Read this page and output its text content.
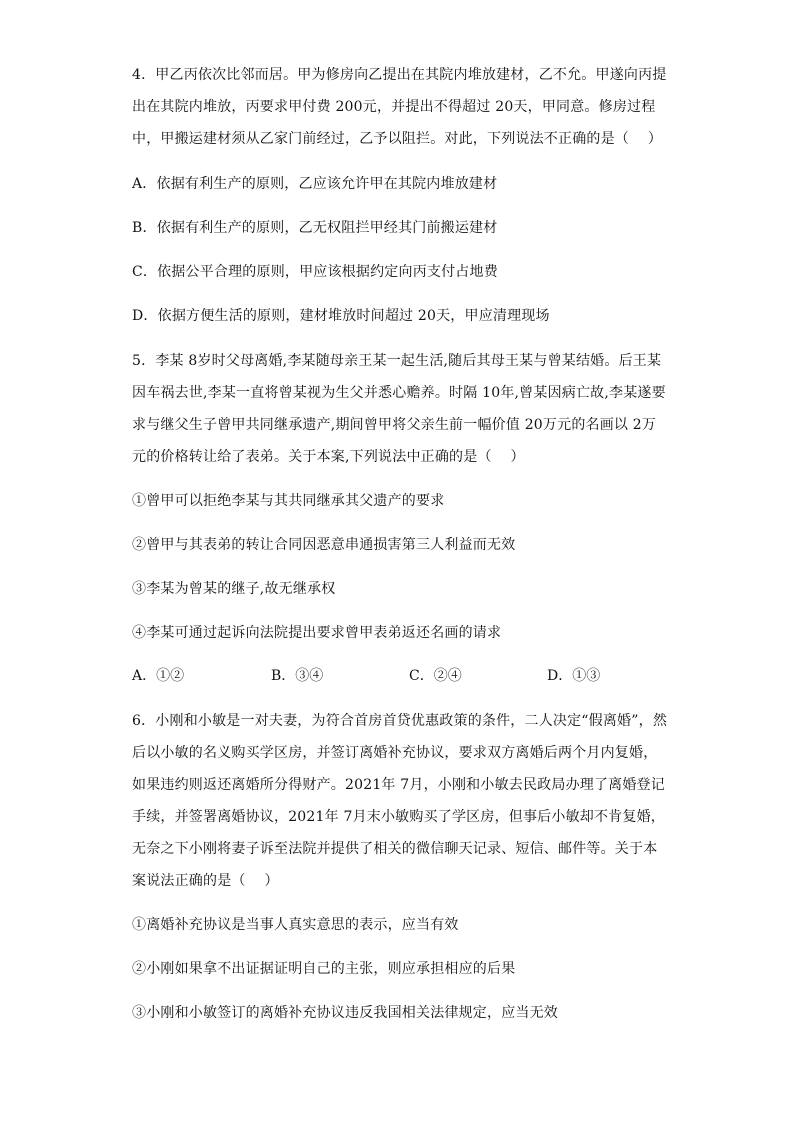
4．甲乙丙依次比邻而居。甲为修房向乙提出在其院内堆放建材，乙不允。甲遂向丙提
出在其院内堆放，丙要求甲付费 200元，并提出不得超过 20天，甲同意。修房过程
中，甲搬运建材须从乙家门前经过，乙予以阻拦。对此，下列说法不正确的是（　 ）
A．依据有利生产的原则，乙应该允许甲在其院内堆放建材
B．依据有利生产的原则，乙无权阻拦甲经其门前搬运建材
C．依据公平合理的原则，甲应该根据约定向丙支付占地费
D．依据方便生活的原则，建材堆放时间超过 20天，甲应清理现场
5．李某 8岁时父母离婚,李某随母亲王某一起生活,随后其母王某与曾某结婚。后王某
因车祸去世,李某一直将曾某视为生父并悉心赡养。时隔 10年,曾某因病亡故,李某遂要
求与继父生子曾甲共同继承遗产,期间曾甲将父亲生前一幅价值 20万元的名画以 2万
元的价格转让给了表弟。关于本案,下列说法中正确的是（　 ）
①曾甲可以拒绝李某与其共同继承其父遗产的要求
②曾甲与其表弟的转让合同因恶意串通损害第三人利益而无效
③李某为曾某的继子,故无继承权
④李某可通过起诉向法院提出要求曾甲表弟返还名画的请求
A．①②	B．③④	C．②④	D．①③
6．小刚和小敏是一对夫妻，为符合首房首贷优惠政策的条件，二人决定“假离婚”，然
后以小敏的名义购买学区房，并签订离婚补充协议，要求双方离婚后两个月内复婚，
如果违约则返还离婚所分得财产。2021年 7月，小刚和小敏去民政局办理了离婚登记
手续，并签署离婚协议，2021年 7月末小敏购买了学区房，但事后小敏却不肯复婚，
无奈之下小刚将妻子诉至法院并提供了相关的微信聊天记录、短信、邮件等。关于本
案说法正确的是（　 ）
①离婚补充协议是当事人真实意思的表示，应当有效
②小刚如果拿不出证据证明自己的主张，则应承担相应的后果
③小刚和小敏签订的离婚补充协议违反我国相关法律规定，应当无效
